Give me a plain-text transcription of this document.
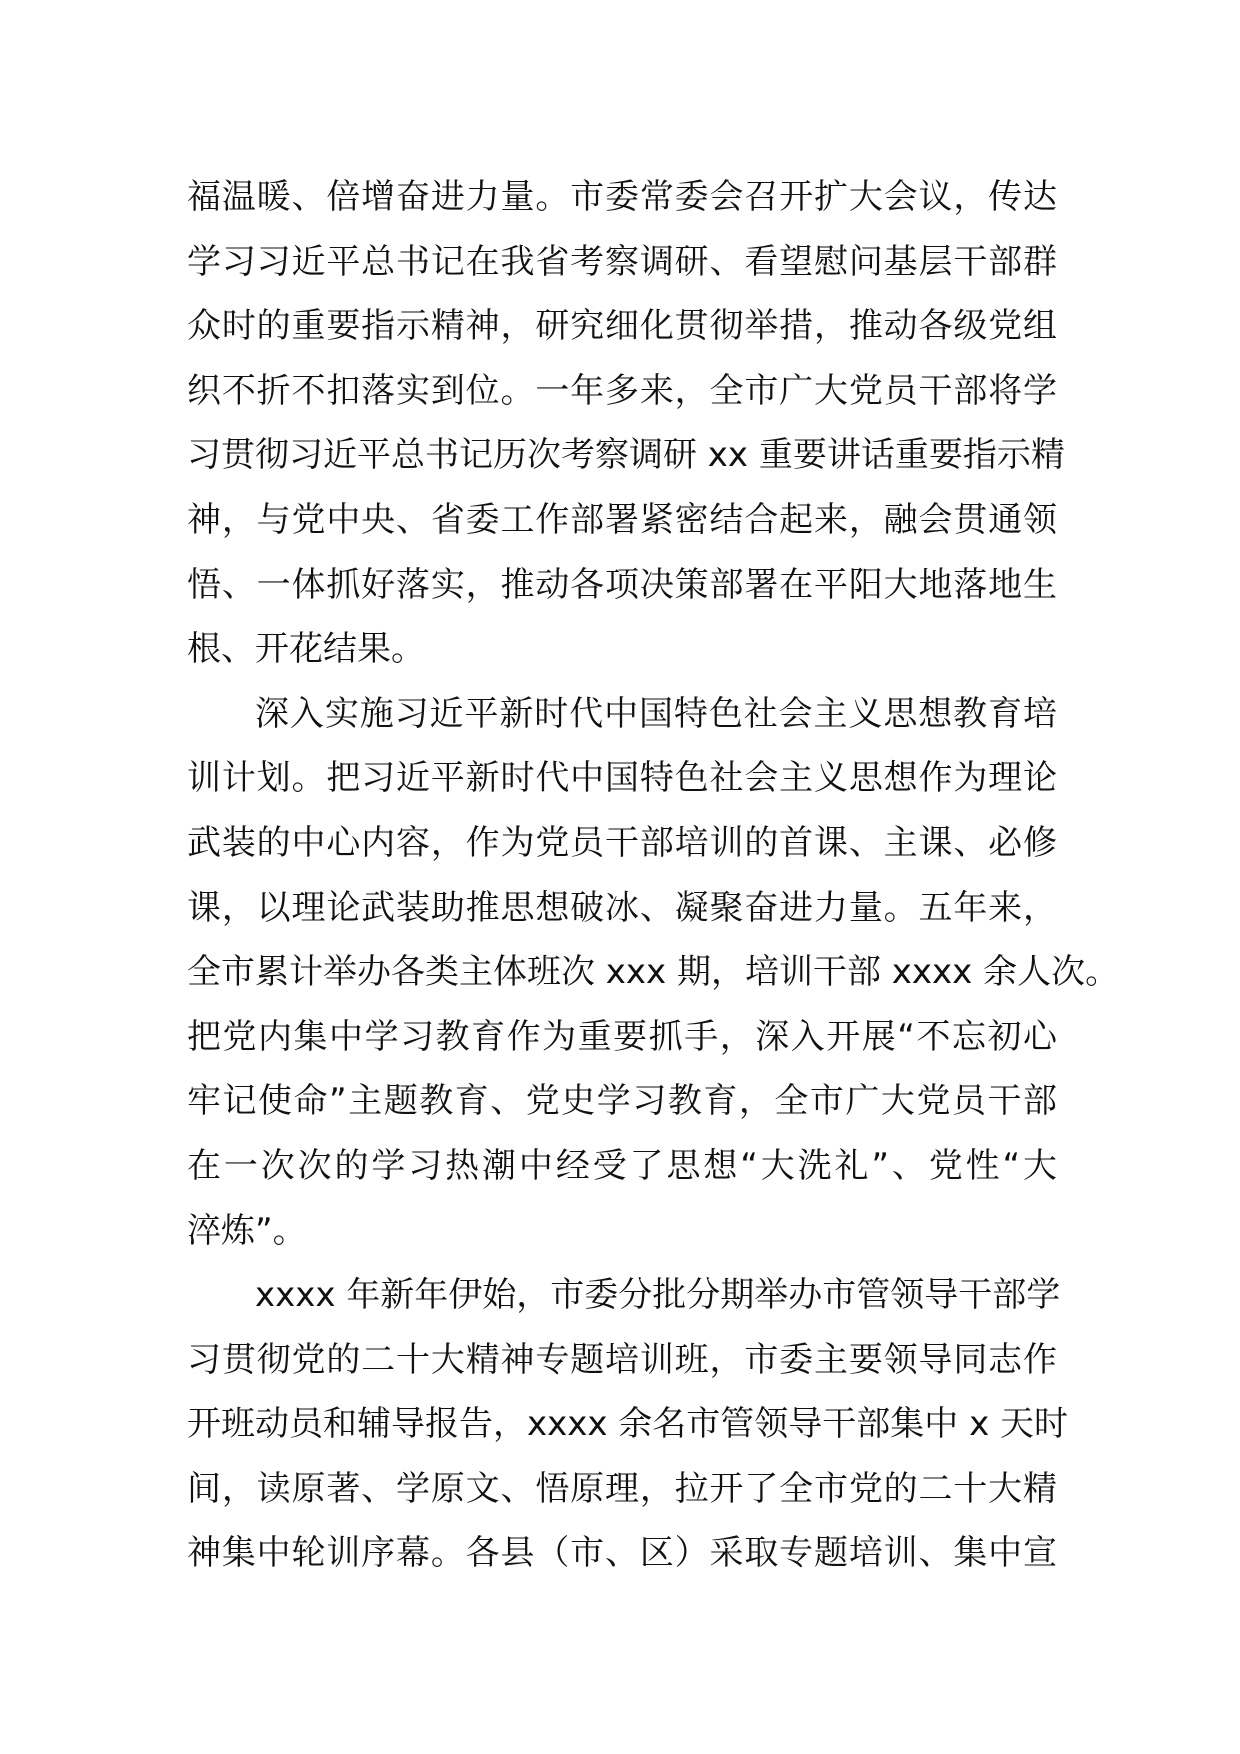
福温暖、倍增奋进力量。市委常委会召开扩大会议，传达
学习习近平总书记在我省考察调研、看望慰问基层干部群
众时的重要指示精神，研究细化贯彻举措，推动各级党组
织不折不扣落实到位。一年多来，全市广大党员干部将学
习贯彻习近平总书记历次考察调研 xx 重要讲话重要指示精
神，与党中央、省委工作部署紧密结合起来，融会贯通领
悟、一体抓好落实，推动各项决策部署在平阳大地落地生
根、开花结果。
深入实施习近平新时代中国特色社会主义思想教育培
训计划。把习近平新时代中国特色社会主义思想作为理论
武装的中心内容，作为党员干部培训的首课、主课、必修
课，以理论武装助推思想破冰、凝聚奋进力量。五年来，
全市累计举办各类主体班次 xxx 期，培训干部 xxxx 余人次。
把党内集中学习教育作为重要抓手，深入开展“不忘初心
牢记使命”主题教育、党史学习教育，全市广大党员干部
在一次次的学习热潮中经受了思想“大洗礼”、党性“大
淬炼”。
xxxx 年新年伊始，市委分批分期举办市管领导干部学
习贯彻党的二十大精神专题培训班，市委主要领导同志作
开班动员和辅导报告，xxxx 余名市管领导干部集中 x 天时
间，读原著、学原文、悟原理，拉开了全市党的二十大精
神集中轮训序幕。各县（市、区）采取专题培训、集中宣
